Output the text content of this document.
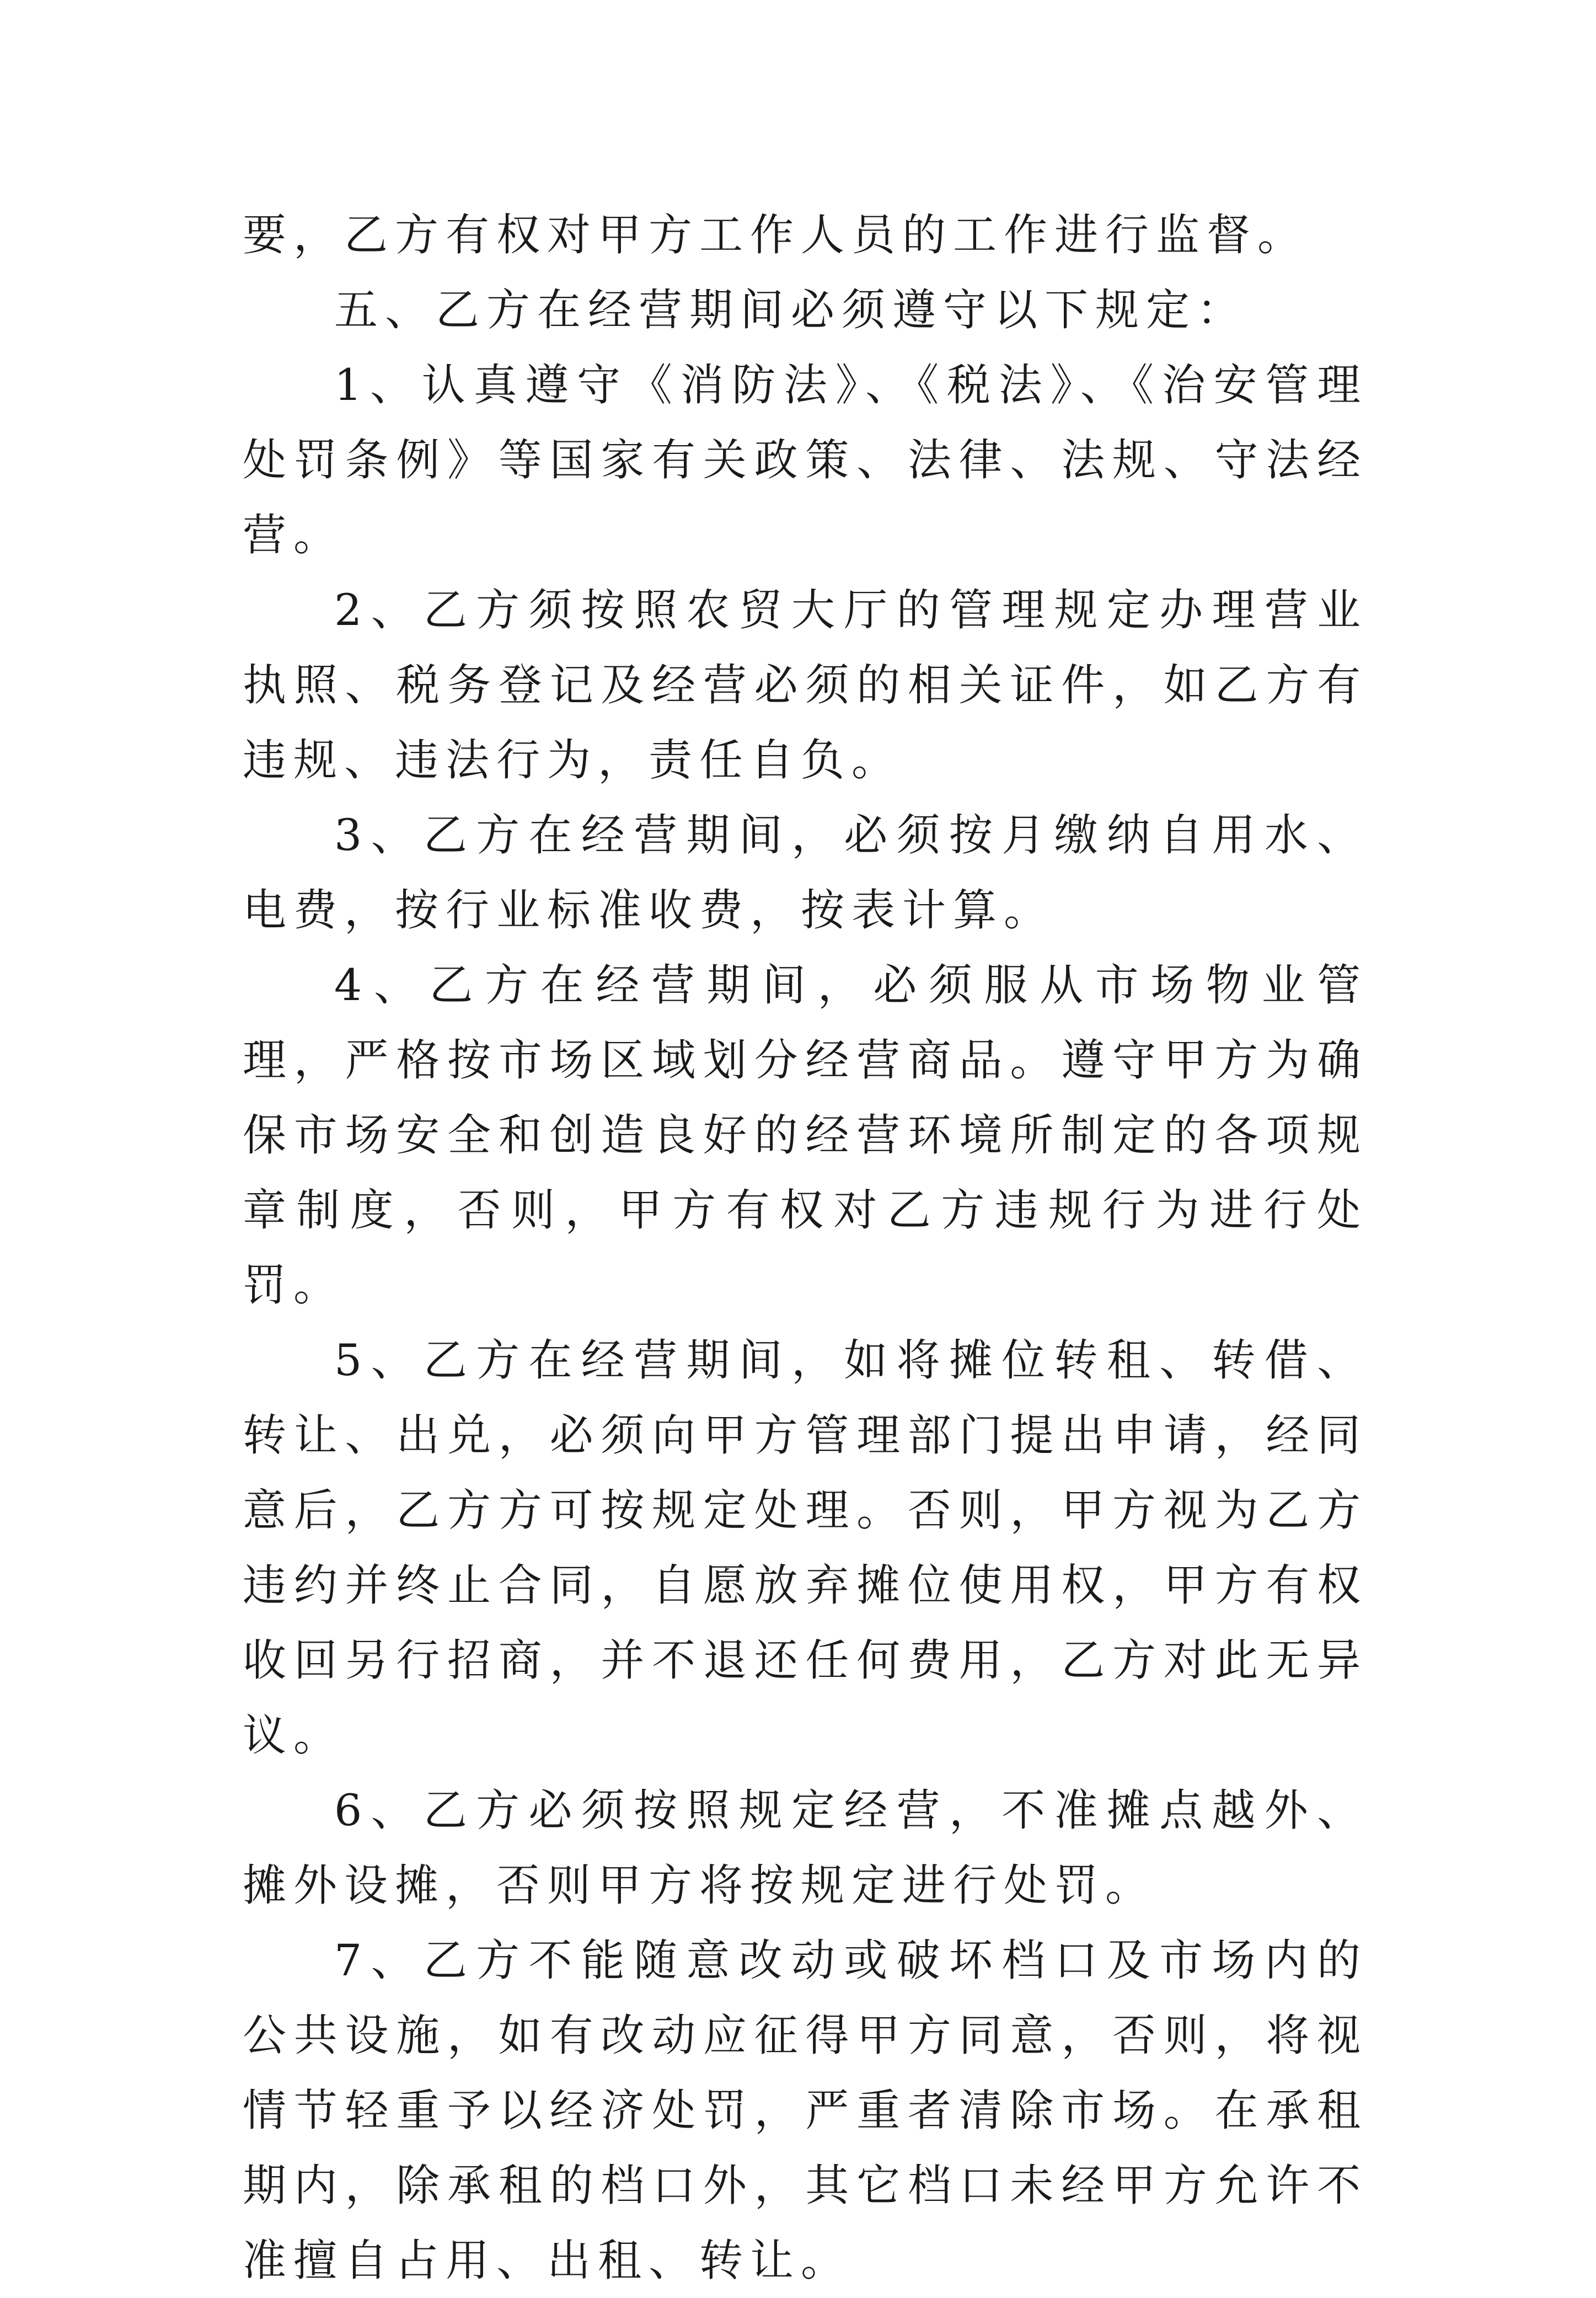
要，乙方有权对甲方工作人员的工作进行监督。

五、乙方在经营期间必须遵守以下规定：

1、认真遵守《消防法》、《税法》、《治安管理处罚条例》等国家有关政策、法律、法规、守法经营。

2、乙方须按照农贸大厅的管理规定办理营业执照、税务登记及经营必须的相关证件，如乙方有违规、违法行为，责任自负。

3、乙方在经营期间，必须按月缴纳自用水、电费，按行业标准收费，按表计算。

4、乙方在经营期间，必须服从市场物业管理，严格按市场区域划分经营商品。遵守甲方为确保市场安全和创造良好的经营环境所制定的各项规章制度，否则，甲方有权对乙方违规行为进行处罚。

5、乙方在经营期间，如将摊位转租、转借、转让、出兑，必须向甲方管理部门提出申请，经同意后，乙方方可按规定处理。否则，甲方视为乙方违约并终止合同，自愿放弃摊位使用权，甲方有权收回另行招商，并不退还任何费用，乙方对此无异议。

6、乙方必须按照规定经营，不准摊点越外、摊外设摊，否则甲方将按规定进行处罚。

7、乙方不能随意改动或破坏档口及市场内的公共设施，如有改动应征得甲方同意，否则，将视情节轻重予以经济处罚，严重者清除市场。在承租期内，除承租的档口外，其它档口未经甲方允许不准擅自占用、出租、转让。
